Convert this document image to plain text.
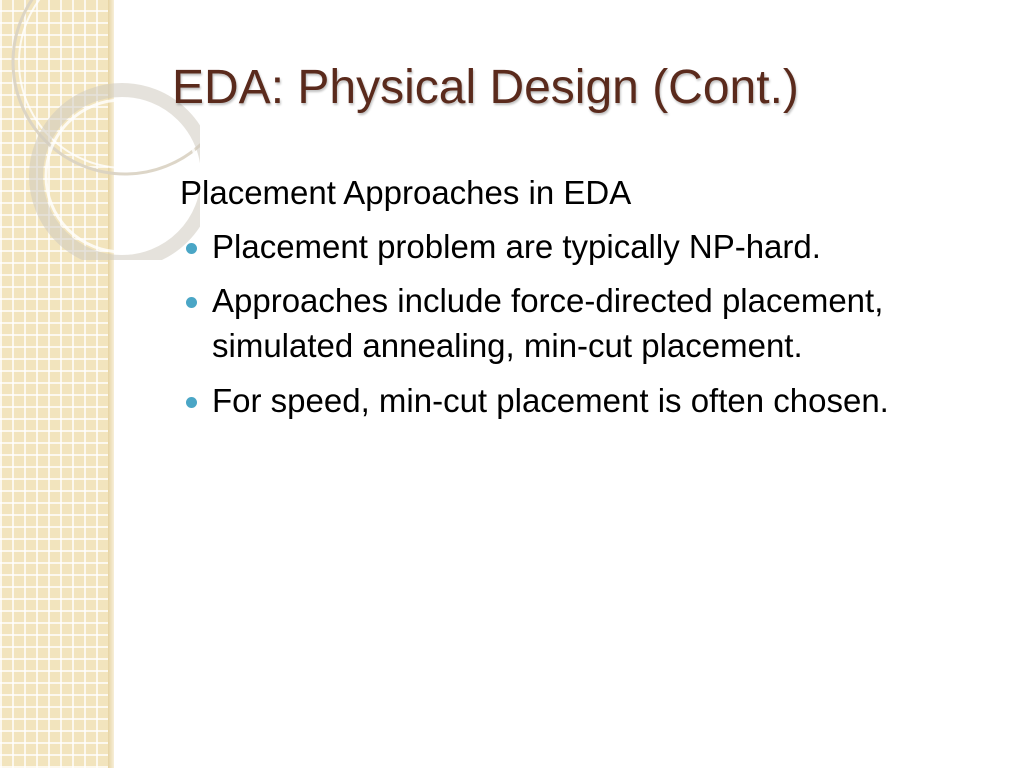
EDA: Physical Design (Cont.)

Placement Approaches in EDA

Placement problem are typically NP-hard.
Approaches include force-directed placement, simulated annealing, min-cut placement.
For speed, min-cut placement is often chosen.
